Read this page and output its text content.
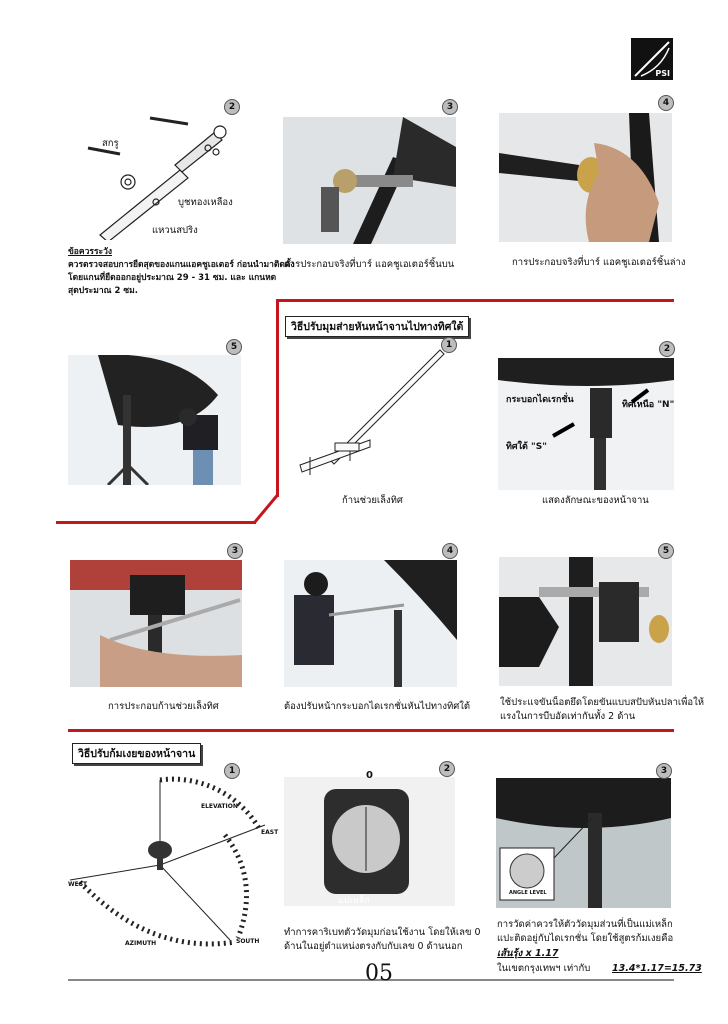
PSI
2
สกรู
บูชทองเหลือง
แหวนสปริง
ข้อควรระวัง
ควรตรวจสอบการยืดสุดของแกนแอคชูเอเตอร์ ก่อนนำมาติดตั้ง
โดยแกนที่ยืดออกอยู่ประมาณ 29 - 31 ซม. และ แกนหด
สุดประมาณ 2 ซม.
3
การประกอบจริงที่บาร์ แอคชูเอเตอร์ชิ้นบน
4
การประกอบจริงที่บาร์ แอคชูเอเตอร์ชิ้นล่าง
5
วิธีปรับมุมส่ายหันหน้าจานไปทางทิศใต้
1
ก้านช่วยเล็งทิศ
2
กระบอกไดเรกชั่น	ทิศเหนือ "N"
ทิศใต้ "S"
แสดงลักษณะของหน้าจาน
3
การประกอบก้านช่วยเล็งทิศ
4
ต้องปรับหน้ากระบอกไดเรกชั่นหันไปทางทิศใต้
5
ใช้ประแจขันน็อตยึดโดยขันแบบสปับหันปลาเพื่อให้
แรงในการบีบอัดเท่ากันทั้ง 2 ด้าน
วิธีปรับก้มเงยของหน้าจาน
1
ELEVATION
EAST
WEST
SOUTH
AZIMUTH
2
0
แม่เหล็ก
ทำการคาริเบทตัววัดมุมก่อนใช้งาน โดยให้เลข 0
ด้านในอยู่ตำแหน่งตรงกับกับเลข 0 ด้านนอก
3
ANGLE LEVEL
การวัดค่าควรให้ตัววัดมุมส่วนที่เป็นแม่เหล็ก
แปะติดอยู่กับไดเรกชั่น โดยใช้สูตรก้มเงยคือ
เส้นรุ้ง x 1.17
ในเขตกรุงเทพฯ เท่ากับ 13.4*1.17=15.73
05
